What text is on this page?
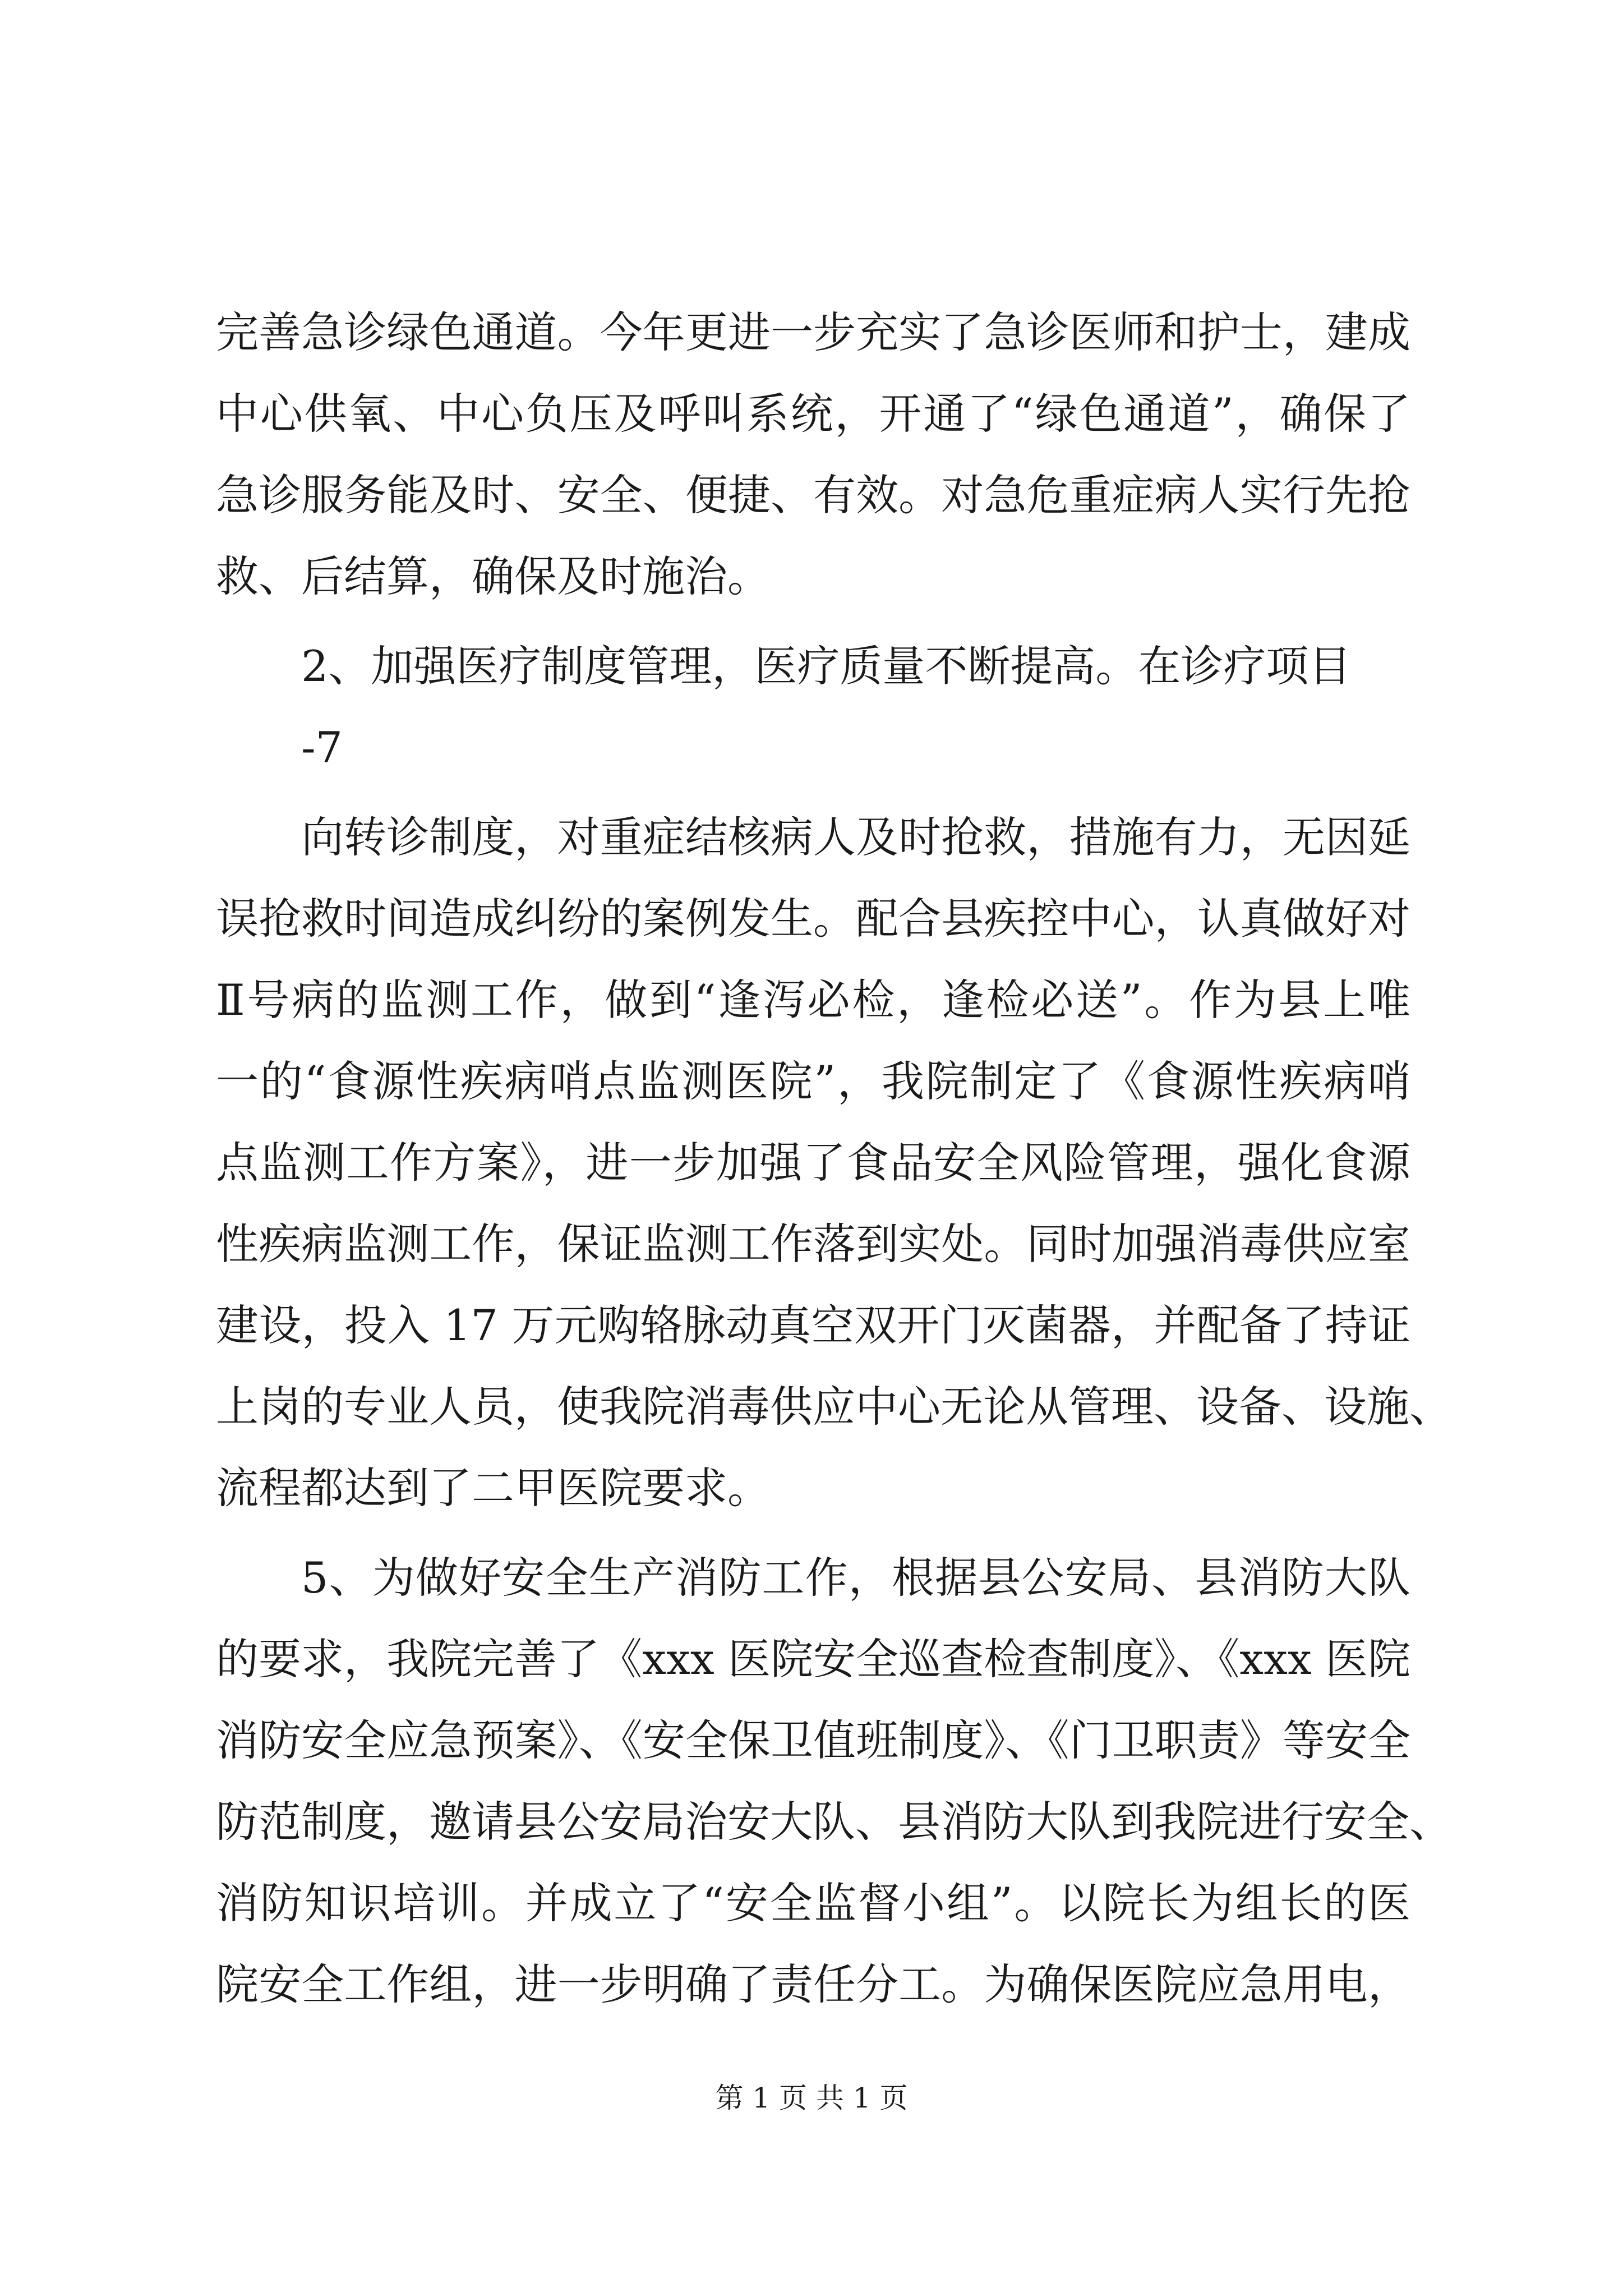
完善急诊绿色通道。今年更进一步充实了急诊医师和护士，建成
中心供氧、中心负压及呼叫系统，开通了“绿色通道”，确保了
急诊服务能及时、安全、便捷、有效。对急危重症病人实行先抢
救、后结算，确保及时施治。
2、加强医疗制度管理，医疗质量不断提高。在诊疗项目
-7
向转诊制度，对重症结核病人及时抢救，措施有力，无因延
误抢救时间造成纠纷的案例发生。配合县疾控中心，认真做好对
Ⅱ号病的监测工作，做到“逢泻必检，逢检必送”。作为县上唯
一的“食源性疾病哨点监测医院”，我院制定了《食源性疾病哨
点监测工作方案》，进一步加强了食品安全风险管理，强化食源
性疾病监测工作，保证监测工作落到实处。同时加强消毒供应室
建设，投入 17 万元购辂脉动真空双开门灭菌器，并配备了持证
上岗的专业人员，使我院消毒供应中心无论从管理、设备、设施、
流程都达到了二甲医院要求。
5、为做好安全生产消防工作，根据县公安局、县消防大队
的要求，我院完善了《xxx 医院安全巡查检查制度》、《xxx 医院
消防安全应急预案》、《安全保卫值班制度》、《门卫职责》等安全
防范制度，邀请县公安局治安大队、县消防大队到我院进行安全、
消防知识培训。并成立了“安全监督小组”。以院长为组长的医
院安全工作组，进一步明确了责任分工。为确保医院应急用电，
第 1 页 共 1 页
